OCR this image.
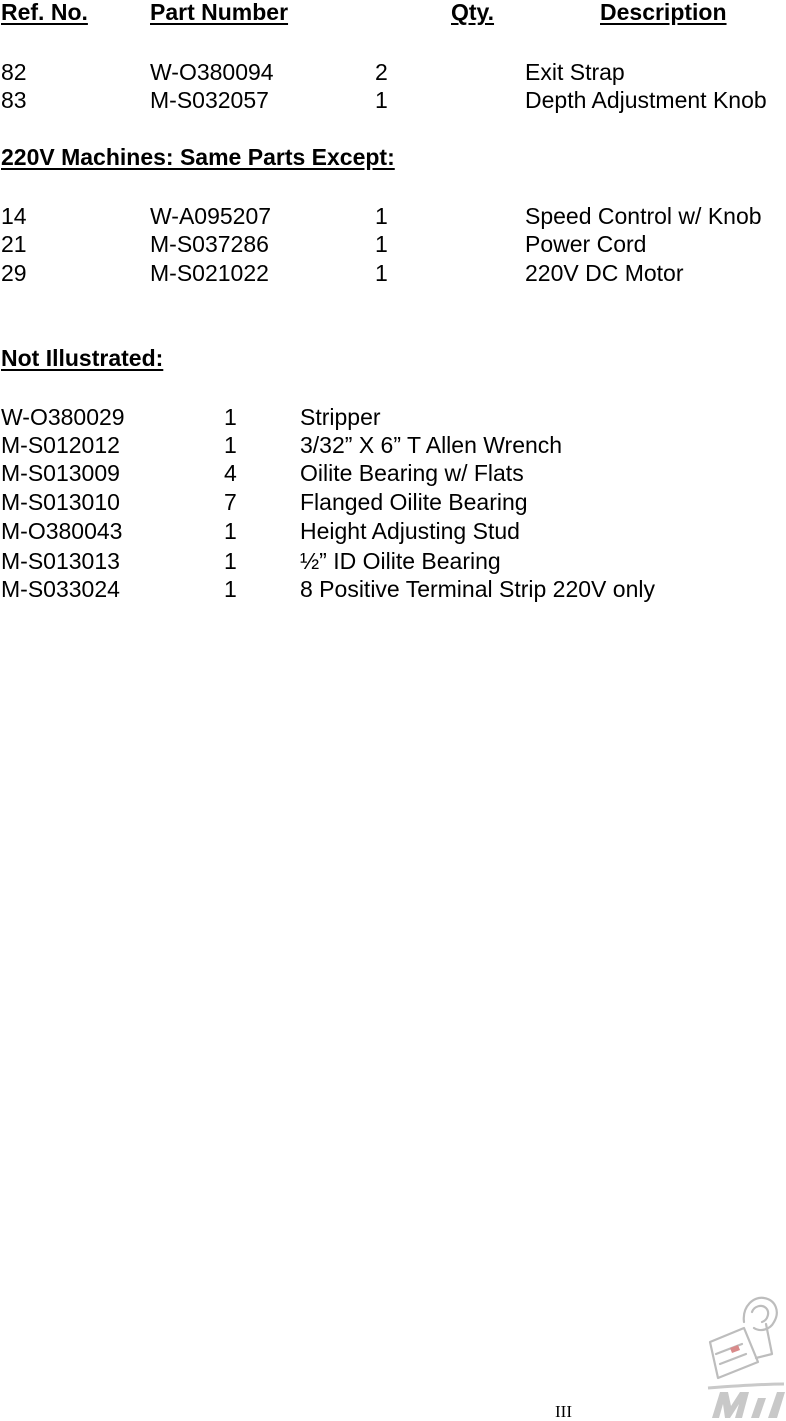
Ref. No.	Part Number	Qty.	Description
82	W-O380094	2	Exit Strap
83	M-S032057	1	Depth Adjustment Knob
220V Machines: Same Parts Except:
14	W-A095207	1	Speed Control w/ Knob
21	M-S037286	1	Power Cord
29	M-S021022	1	220V DC Motor
Not Illustrated:
W-O380029	1	Stripper
M-S012012	1	3/32” X 6” T Allen Wrench
M-S013009	4	Oilite Bearing w/ Flats
M-S013010	7	Flanged Oilite Bearing
M-O380043	1	Height Adjusting Stud
M-S013013	1	½” ID Oilite Bearing
M-S033024	1	8 Positive Terminal Strip 220V only
III
